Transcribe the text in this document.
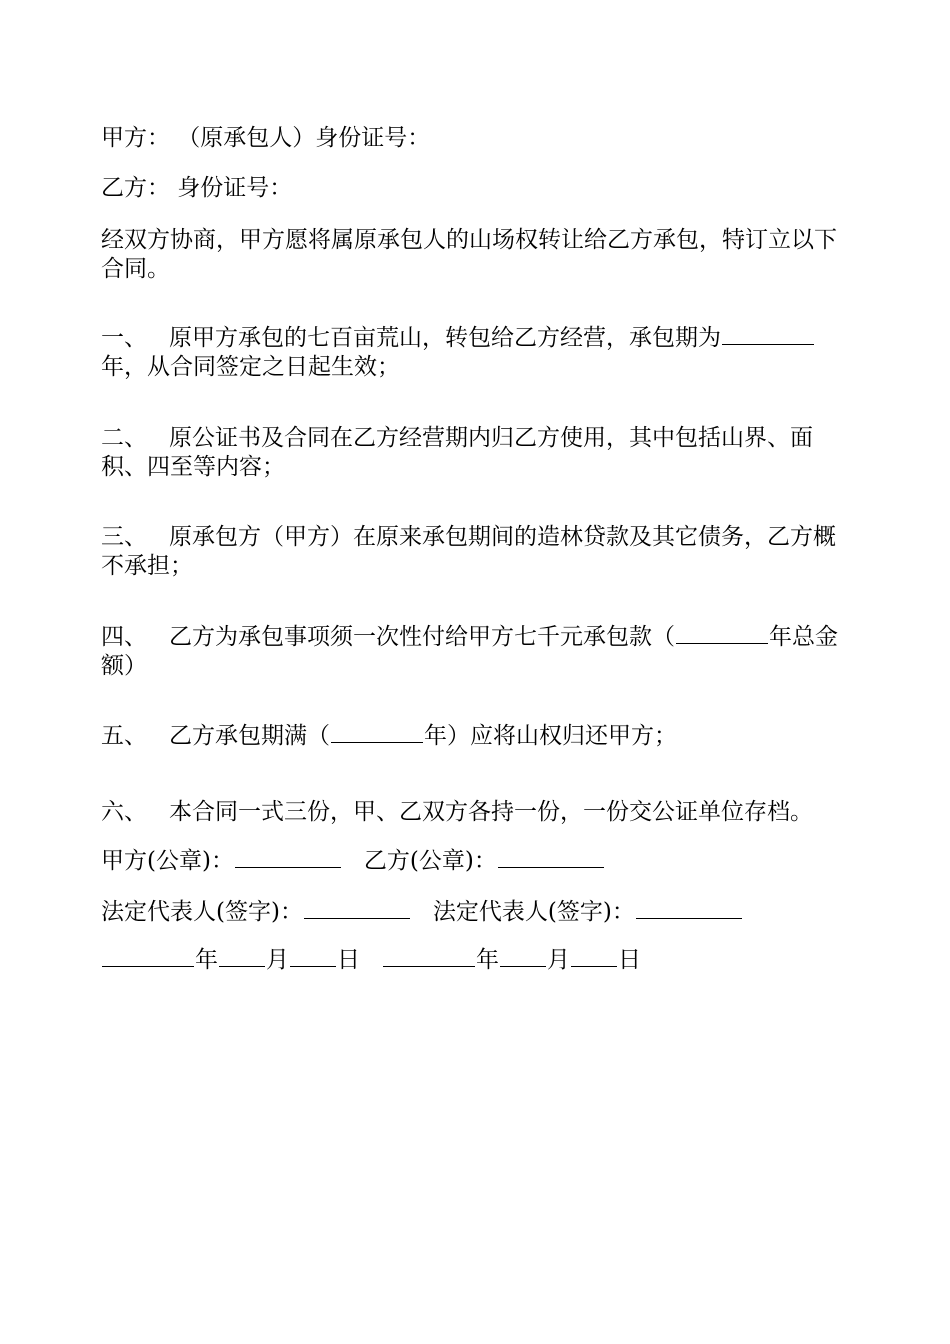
甲方： （原承包人）身份证号：
乙方： 身份证号：
经双方协商，甲方愿将属原承包人的山场权转让给乙方承包，特订立以下合同。
一、 原甲方承包的七百亩荒山，转包给乙方经营，承包期为
年，从合同签定之日起生效；
二、 原公证书及合同在乙方经营期内归乙方使用，其中包括山界、面积、四至等内容；
三、 原承包方（甲方）在原来承包期间的造林贷款及其它债务，乙方概不承担；
四、 乙方为承包事项须一次性付给甲方七千元承包款（	年总金额）
五、 乙方承包期满（	年）应将山权归还甲方；
六、 本合同一式三份，甲、乙双方各持一份，一份交公证单位存档。
甲方(公章)：	乙方(公章)：
法定代表人(签字)：	法定代表人(签字)：
年 月 日	年 月 日
